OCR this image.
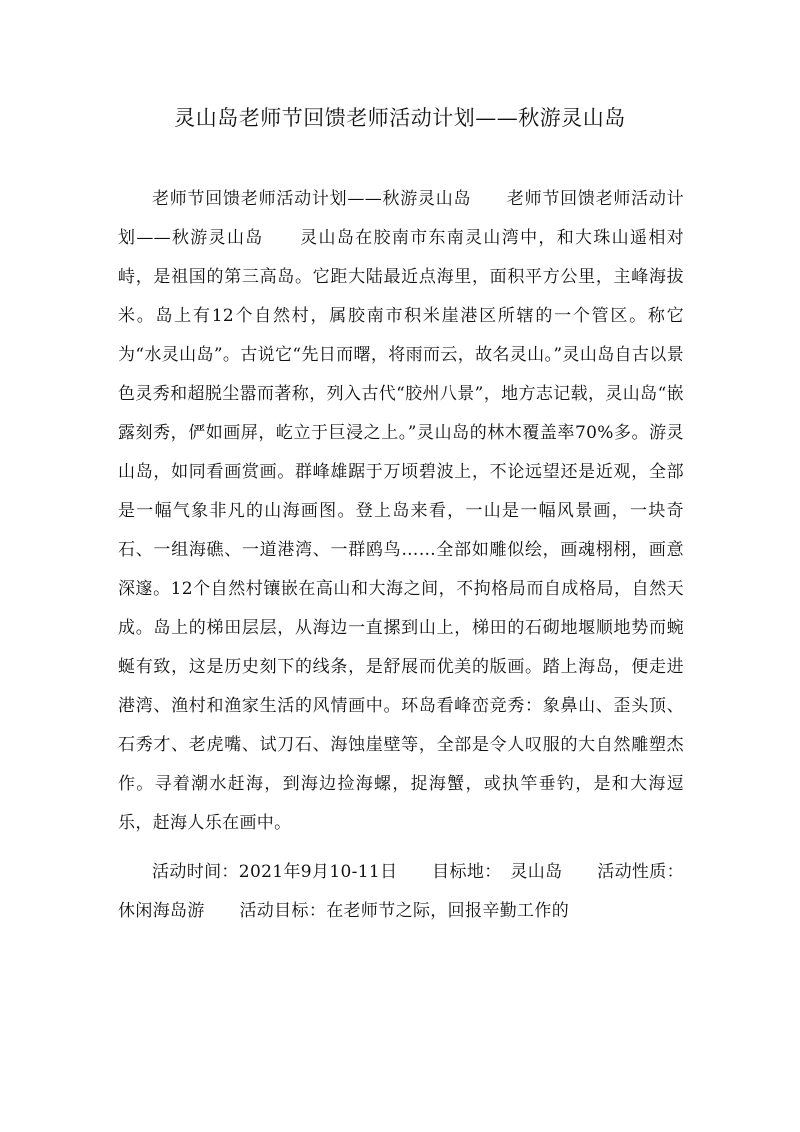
灵山岛老师节回馈老师活动计划——秋游灵山岛

老师节回馈老师活动计划——秋游灵山岛　　老师节回馈老师活动计划——秋游灵山岛　　灵山岛在胶南市东南灵山湾中，和大珠山遥相对峙，是祖国的第三高岛。它距大陆最近点海里，面积平方公里，主峰海拔米。岛上有12个自然村，属胶南市积米崖港区所辖的一个管区。称它为“水灵山岛”。古说它“先日而曙，将雨而云，故名灵山。”灵山岛自古以景色灵秀和超脱尘嚣而著称，列入古代“胶州八景”，地方志记载，灵山岛“嵌露刻秀，俨如画屏，屹立于巨浸之上。”灵山岛的林木覆盖率70%多。游灵山岛，如同看画赏画。群峰雄踞于万顷碧波上，不论远望还是近观，全部是一幅气象非凡的山海画图。登上岛来看，一山是一幅风景画，一块奇石、一组海礁、一道港湾、一群鸥鸟……全部如雕似绘，画魂栩栩，画意深邃。12个自然村镶嵌在高山和大海之间，不拘格局而自成格局，自然天成。岛上的梯田层层，从海边一直摞到山上，梯田的石砌地堰顺地势而蜿蜒有致，这是历史刻下的线条，是舒展而优美的版画。踏上海岛，便走进港湾、渔村和渔家生活的风情画中。环岛看峰峦竞秀：象鼻山、歪头顶、石秀才、老虎嘴、试刀石、海蚀崖壁等，全部是令人叹服的大自然雕塑杰作。寻着潮水赶海，到海边捡海螺，捉海蟹，或执竿垂钓，是和大海逗乐，赶海人乐在画中。

活动时间：2021年9月10-11日　　目标地：　灵山岛　　活动性质：休闲海岛游　　活动目标：在老师节之际，回报辛勤工作的
